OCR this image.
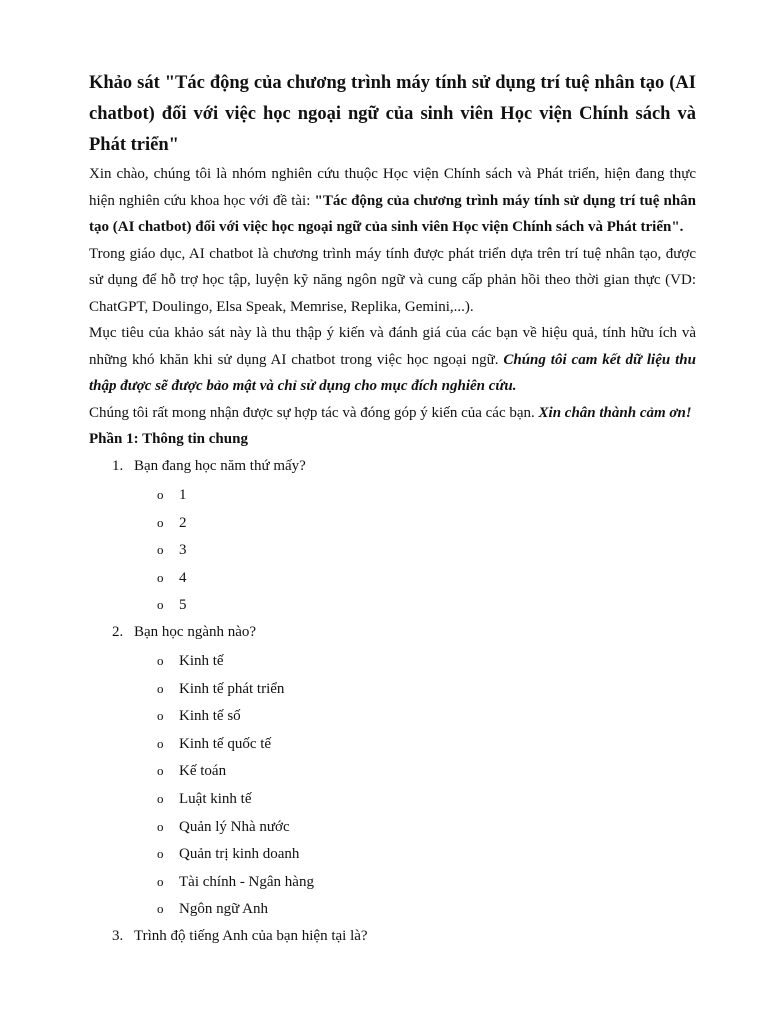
Khảo sát "Tác động của chương trình máy tính sử dụng trí tuệ nhân tạo (AI chatbot) đối với việc học ngoại ngữ của sinh viên Học viện Chính sách và Phát triển"

Xin chào, chúng tôi là nhóm nghiên cứu thuộc Học viện Chính sách và Phát triển, hiện đang thực hiện nghiên cứu khoa học với đề tài: "Tác động của chương trình máy tính sử dụng trí tuệ nhân tạo (AI chatbot) đối với việc học ngoại ngữ của sinh viên Học viện Chính sách và Phát triển".

Trong giáo dục, AI chatbot là chương trình máy tính được phát triển dựa trên trí tuệ nhân tạo, được sử dụng để hỗ trợ học tập, luyện kỹ năng ngôn ngữ và cung cấp phản hồi theo thời gian thực (VD: ChatGPT, Doulingo, Elsa Speak, Memrise, Replika, Gemini,...).

Mục tiêu của khảo sát này là thu thập ý kiến và đánh giá của các bạn về hiệu quả, tính hữu ích và những khó khăn khi sử dụng AI chatbot trong việc học ngoại ngữ. Chúng tôi cam kết dữ liệu thu thập được sẽ được bảo mật và chỉ sử dụng cho mục đích nghiên cứu.

Chúng tôi rất mong nhận được sự hợp tác và đóng góp ý kiến của các bạn. Xin chân thành cảm ơn!

Phần 1: Thông tin chung
1. Bạn đang học năm thứ mấy?
o 1
o 2
o 3
o 4
o 5
2. Bạn học ngành nào?
o Kinh tế
o Kinh tế phát triển
o Kinh tế số
o Kinh tế quốc tế
o Kế toán
o Luật kinh tế
o Quản lý Nhà nước
o Quản trị kinh doanh
o Tài chính - Ngân hàng
o Ngôn ngữ Anh
3. Trình độ tiếng Anh của bạn hiện tại là?
